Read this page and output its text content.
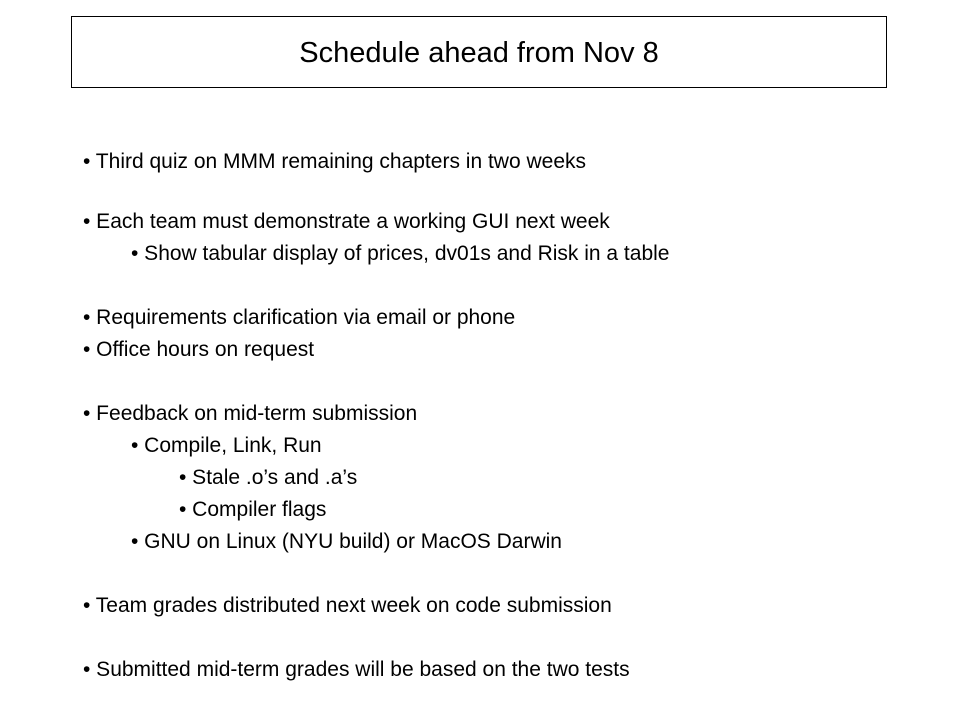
Schedule ahead from Nov 8
• Third quiz on MMM remaining chapters in two weeks
• Each team must demonstrate a working GUI next week
• Show tabular display of prices, dv01s and Risk in a table
• Requirements clarification via email or phone
• Office hours on request
• Feedback on mid-term submission
• Compile, Link, Run
• Stale .o’s and .a’s
• Compiler flags
• GNU on Linux (NYU build) or MacOS Darwin
• Team grades distributed next week on code submission
• Submitted mid-term grades will be based on the two tests
